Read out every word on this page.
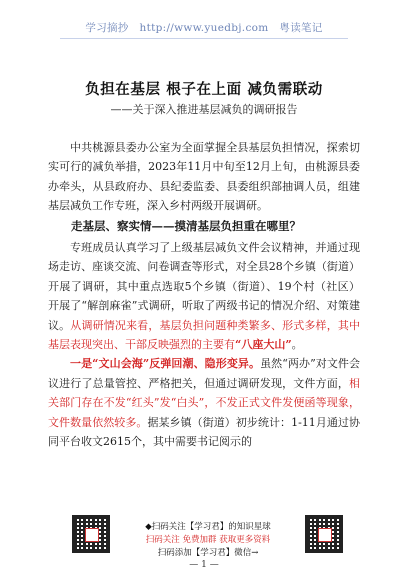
学习摘抄   http://www.yuedbj.com   粤读笔记
负担在基层 根子在上面 减负需联动
——关于深入推进基层减负的调研报告

中共桃源县委办公室为全面掌握全县基层负担情况，探索切实可行的减负举措，2023年11月中旬至12月上旬，由桃源县委办牵头，从县政府办、县纪委监委、县委组织部抽调人员，组建基层减负工作专班，深入乡村两级开展调研。

走基层、察实情——摸清基层负担重在哪里？

专班成员认真学习了上级基层减负文件会议精神，并通过现场走访、座谈交流、问卷调查等形式，对全县28个乡镇（街道）开展了调研，其中重点选取5个乡镇（街道）、19个村（社区）开展了“解剖麻雀”式调研，听取了两级书记的情况介绍、对策建议。从调研情况来看，基层负担问题种类繁多、形式多样，其中基层表现突出、干部反映强烈的主要有“八座大山”。

一是“文山会海”反弹回潮、隐形变异。虽然“两办”对文件会议进行了总量管控、严格把关，但通过调研发现，文件方面，相关部门存在不发“红头”发“白头”，不发正式文件发便函等现象，文件数量依然较多。据某乡镇（街道）初步统计：1-11月通过协同平台收文2615个，其中需要书记阅示的

◆扫码关注【学习君】的知识星球
扫码关注 免费加群 获取更多资料
扫码添加【学习君】微信→
— 1 —
